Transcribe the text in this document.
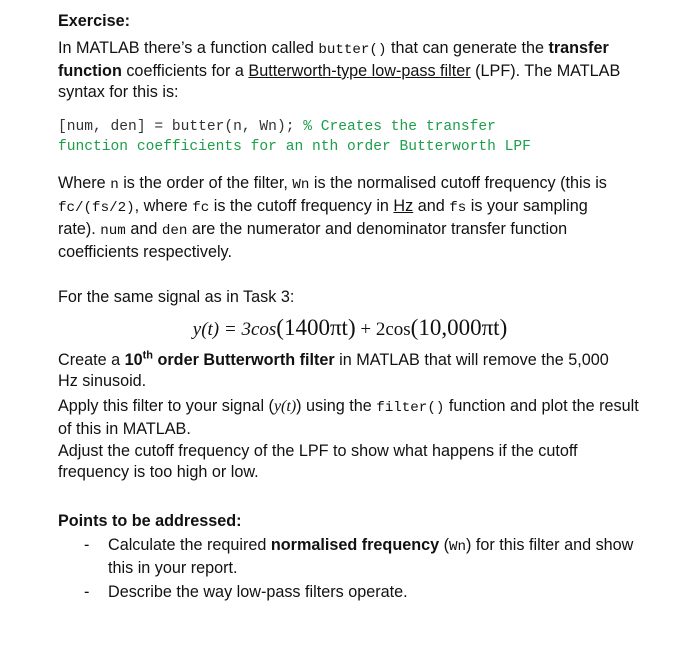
Exercise:

In MATLAB there’s a function called butter() that can generate the transfer function coefficients for a Butterworth-type low-pass filter (LPF). The MATLAB syntax for this is:

[num, den] = butter(n, Wn); % Creates the transfer
function coefficients for an nth order Butterworth LPF

Where n is the order of the filter, Wn is the normalised cutoff frequency (this is fc/(fs/2), where fc is the cutoff frequency in Hz and fs is your sampling rate). num and den are the numerator and denominator transfer function coefficients respectively.

For the same signal as in Task 3:
y(t) = 3cos(1400πt) + 2cos(10,000πt)

Create a 10th order Butterworth filter in MATLAB that will remove the 5,000 Hz sinusoid.

Apply this filter to your signal (y(t)) using the filter() function and plot the result of this in MATLAB.

Adjust the cutoff frequency of the LPF to show what happens if the cutoff frequency is too high or low.

Points to be addressed:
- Calculate the required normalised frequency (Wn) for this filter and show this in your report.
- Describe the way low-pass filters operate.
